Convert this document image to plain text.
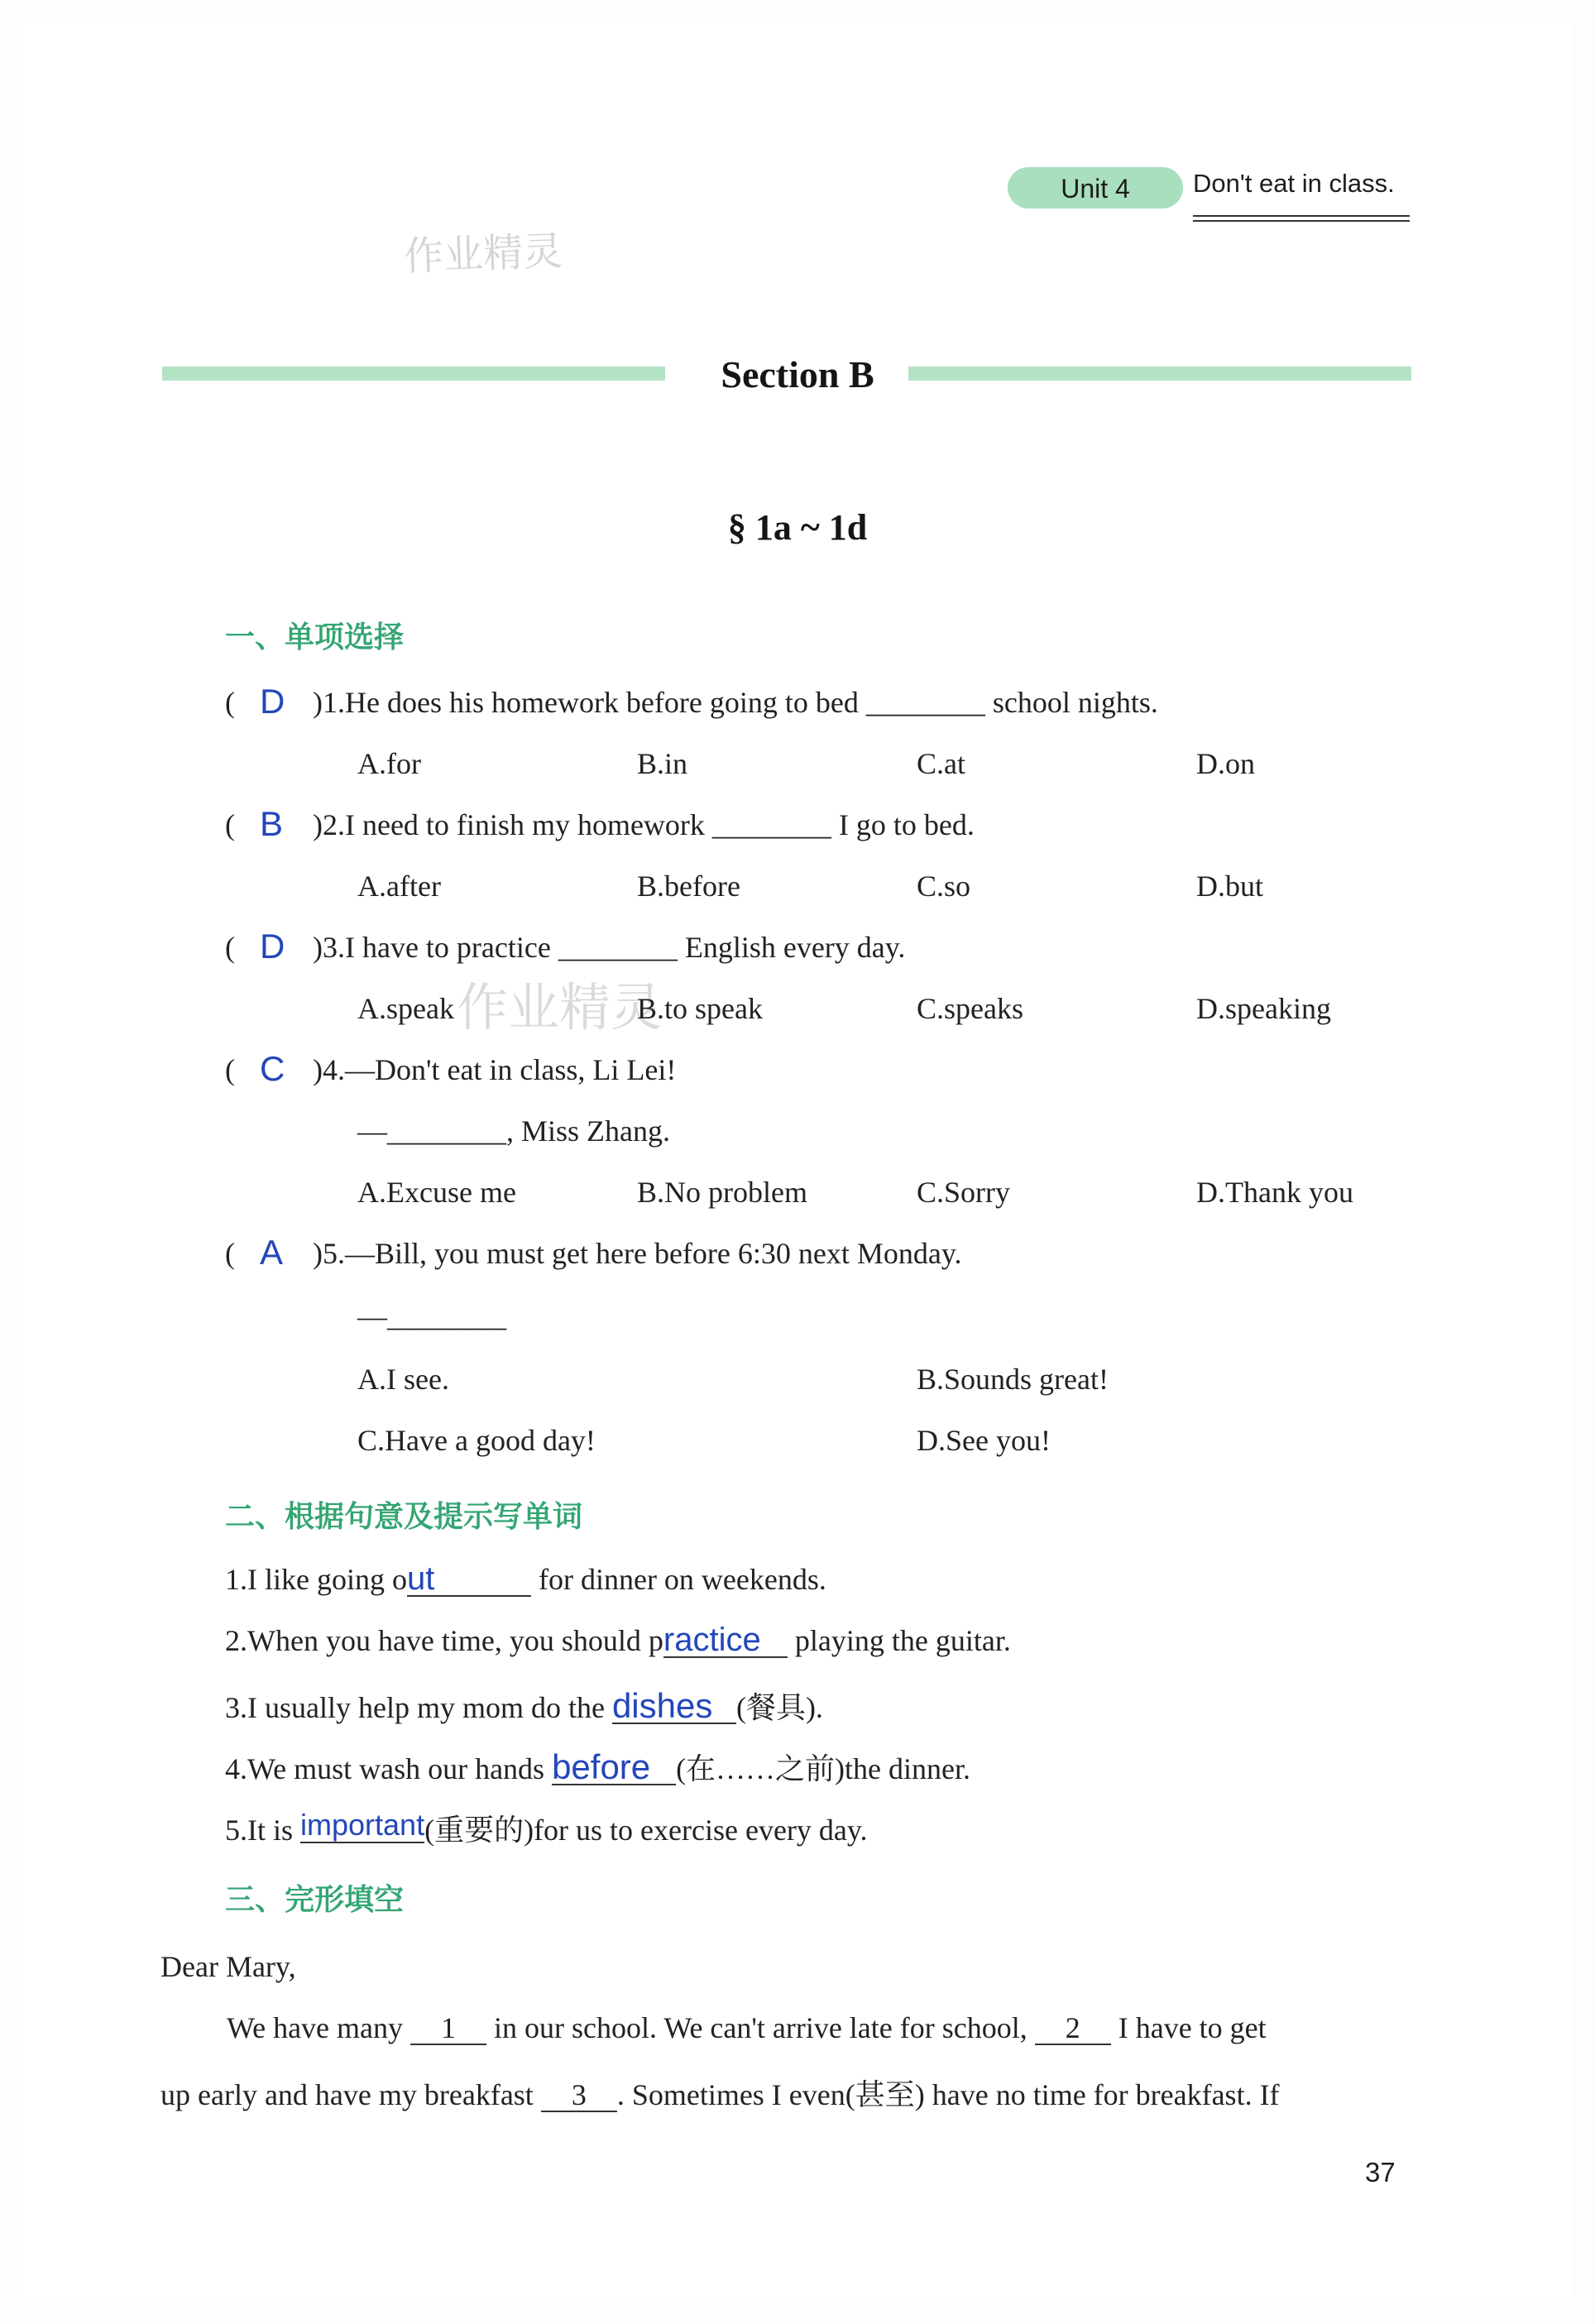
Unit 4	Don't eat in class.
作业精灵
作业精灵
Section B
§ 1a ~ 1d
一、单项选择
( D )1.He does his homework before going to bed ________ school nights.
A.for	B.in	C.at	D.on
( B )2.I need to finish my homework ________ I go to bed.
A.after	B.before	C.so	D.but
( D )3.I have to practice ________ English every day.
A.speak	B.to speak	C.speaks	D.speaking
( C )4.—Don't eat in class, Li Lei!
—________, Miss Zhang.
A.Excuse me	B.No problem	C.Sorry	D.Thank you
( A )5.—Bill, you must get here before 6:30 next Monday.
—________
A.I see.	B.Sounds great!
C.Have a good day!	D.See you!
二、根据句意及提示写单词
1.I like going out	for dinner on weekends.
2.When you have time, you should practice playing the guitar.
3.I usually help my mom do the dishes (餐具).
4.We must wash our hands before (在……之前)the dinner.
5.It is important(重要的)for us to exercise every day.
三、完形填空
Dear Mary,
We have many 1 in our school. We can't arrive late for school, 2 I have to get
up early and have my breakfast 3 . Sometimes I even(甚至) have no time for breakfast. If
37
